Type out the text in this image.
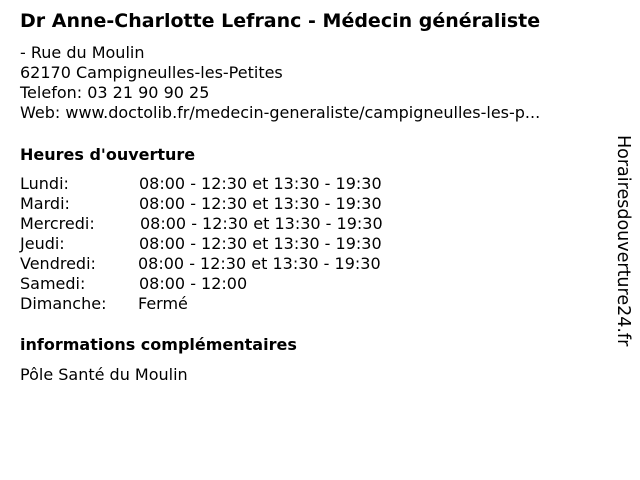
Dr Anne-Charlotte Lefranc - Médecin généraliste
- Rue du Moulin
62170 Campigneulles-les-Petites
Telefon: 03 21 90 90 25
Web: www.doctolib.fr/medecin-generaliste/campigneulles-les-p...
Heures d'ouverture
Lundi:	08:00 - 12:30 et 13:30 - 19:30
Mardi:	08:00 - 12:30 et 13:30 - 19:30
Mercredi:	08:00 - 12:30 et 13:30 - 19:30
Jeudi:	08:00 - 12:30 et 13:30 - 19:30
Vendredi:	08:00 - 12:30 et 13:30 - 19:30
Samedi:	08:00 - 12:00
Dimanche: Fermé
informations complémentaires
Pôle Santé du Moulin
Horairesdouverture24.fr
